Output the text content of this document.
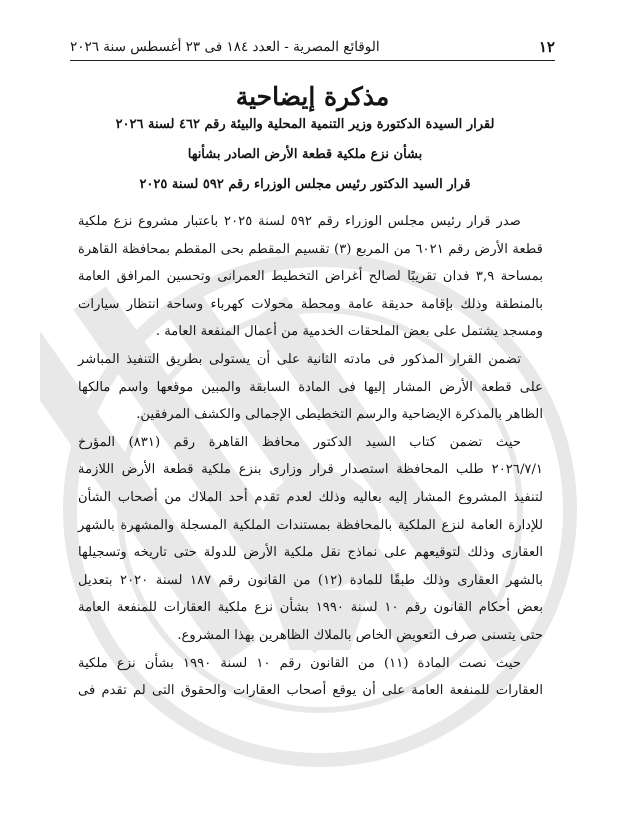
١٢
الوقائع المصرية - العدد ١٨٤ فى ٢٣ أغسطس سنة ٢٠٢٦
مذكرة إيضاحية
لقرار السيدة الدكتورة وزير التنمية المحلية والبيئة رقم ٤٦٢ لسنة ٢٠٢٦
بشأن نزع ملكية قطعة الأرض الصادر بشأنها
قرار السيد الدكتور رئيس مجلس الوزراء رقم ٥٩٢ لسنة ٢٠٢٥

صدر قرار رئيس مجلس الوزراء رقم ٥٩٢ لسنة ٢٠٢٥ باعتبار مشروع نزع ملكية

قطعة الأرض رقم ٦٠٢١ من المربع (٣) تقسيم المقطم بحى المقطم بمحافظة القاهرة

بمساحة ٣,٩ فدان تقريبًا لصالح أغراض التخطيط العمرانى وتحسين المرافق العامة

بالمنطقة وذلك بإقامة حديقة عامة ومحطة محولات كهرباء وساحة انتظار سيارات

ومسجد يشتمل على بعض الملحقات الخدمية من أعمال المنفعة العامة .

تضمن القرار المذكور فى مادته الثانية على أن يستولى بطريق التنفيذ المباشر

على قطعة الأرض المشار إليها فى المادة السابقة والمبين موقعها واسم مالكها

الظاهر بالمذكرة الإيضاحية والرسم التخطيطى الإجمالى والكشف المرفقين.

حيث تضمن كتاب السيد الدكتور محافظ القاهرة رقم (٨٣١) المؤرخ

٢٠٢٦/٧/١ طلب المحافظة استصدار قرار وزارى بنزع ملكية قطعة الأرض اللازمة

لتنفيذ المشروع المشار إليه بعاليه وذلك لعدم تقدم أحد الملاك من أصحاب الشأن

للإدارة العامة لنزع الملكية بالمحافظة بمستندات الملكية المسجلة والمشهرة بالشهر

العقارى وذلك لتوقيعهم على نماذج نقل ملكية الأرض للدولة حتى تاريخه وتسجيلها

بالشهر العقارى وذلك طبقًا للمادة (١٢) من القانون رقم ١٨٧ لسنة ٢٠٢٠ بتعديل

بعض أحكام القانون رقم ١٠ لسنة ١٩٩٠ بشأن نزع ملكية العقارات للمنفعة العامة

حتى يتسنى صرف التعويض الخاص بالملاك الظاهرين بهذا المشروع.

حيث نصت المادة (١١) من القانون رقم ١٠ لسنة ١٩٩٠ بشأن نزع ملكية

العقارات للمنفعة العامة على أن يوقع أصحاب العقارات والحقوق التى لم تقدم فى
